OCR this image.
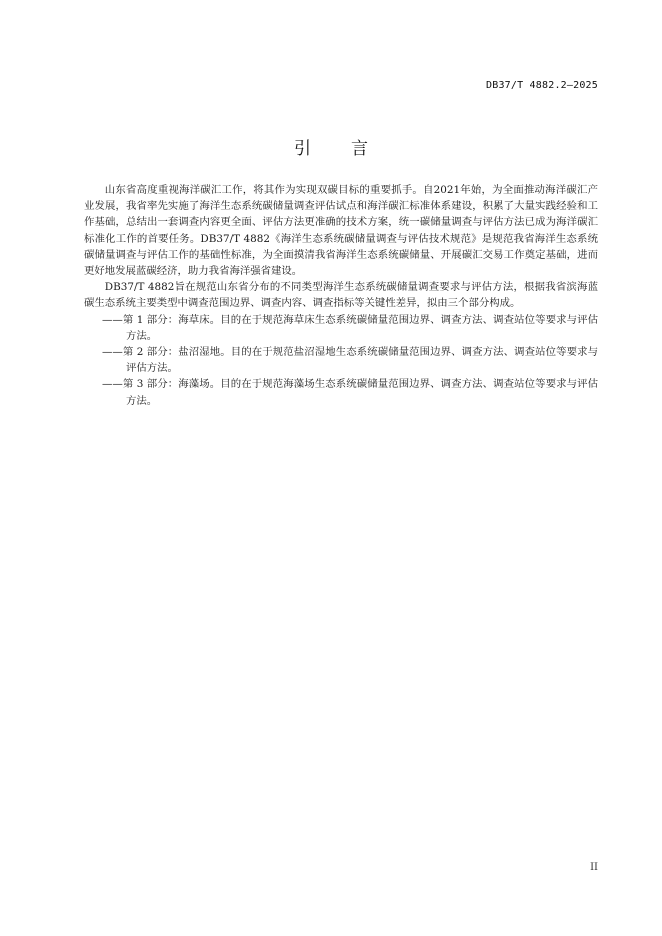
DB37/T 4882.2—2025
引言

山东省高度重视海洋碳汇工作，将其作为实现双碳目标的重要抓手。自2021年始，为全面推动海洋碳汇产业发展，我省率先实施了海洋生态系统碳储量调查评估试点和海洋碳汇标准体系建设，积累了大量实践经验和工作基础，总结出一套调查内容更全面、评估方法更准确的技术方案，统一碳储量调查与评估方法已成为海洋碳汇标准化工作的首要任务。DB37/T 4882《海洋生态系统碳储量调查与评估技术规范》是规范我省海洋生态系统碳储量调查与评估工作的基础性标准，为全面摸清我省海洋生态系统碳储量、开展碳汇交易工作奠定基础，进而更好地发展蓝碳经济，助力我省海洋强省建设。

DB37/T 4882旨在规范山东省分布的不同类型海洋生态系统碳储量调查要求与评估方法，根据我省滨海蓝碳生态系统主要类型中调查范围边界、调查内容、调查指标等关键性差异，拟由三个部分构成。

——第 1 部分：海草床。目的在于规范海草床生态系统碳储量范围边界、调查方法、调查站位等要求与评估方法。

——第 2 部分：盐沼湿地。目的在于规范盐沼湿地生态系统碳储量范围边界、调查方法、调查站位等要求与评估方法。

——第 3 部分：海藻场。目的在于规范海藻场生态系统碳储量范围边界、调查方法、调查站位等要求与评估方法。

II
